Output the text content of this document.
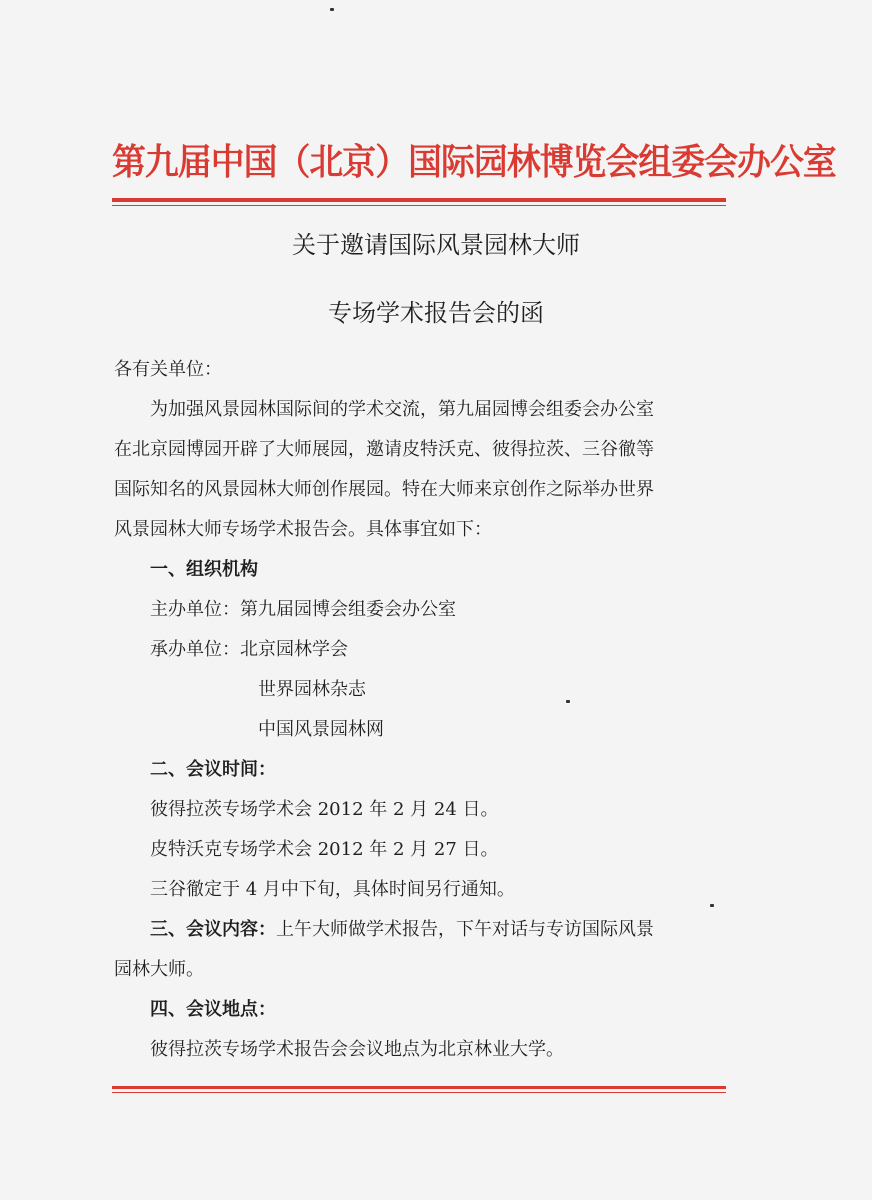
第九届中国（北京）国际园林博览会组委会办公室
关于邀请国际风景园林大师
专场学术报告会的函
各有关单位：
为加强风景园林国际间的学术交流，第九届园博会组委会办公室
在北京园博园开辟了大师展园，邀请皮特沃克、彼得拉茨、三谷徹等
国际知名的风景园林大师创作展园。特在大师来京创作之际举办世界
风景园林大师专场学术报告会。具体事宜如下：
一、组织机构
主办单位：第九届园博会组委会办公室
承办单位：北京园林学会
世界园林杂志
中国风景园林网
二、会议时间：
彼得拉茨专场学术会 2012 年 2 月 24 日。
皮特沃克专场学术会 2012 年 2 月 27 日。
三谷徹定于 4 月中下旬，具体时间另行通知。
三、会议内容：上午大师做学术报告，下午对话与专访国际风景
园林大师。
四、会议地点：
彼得拉茨专场学术报告会会议地点为北京林业大学。
